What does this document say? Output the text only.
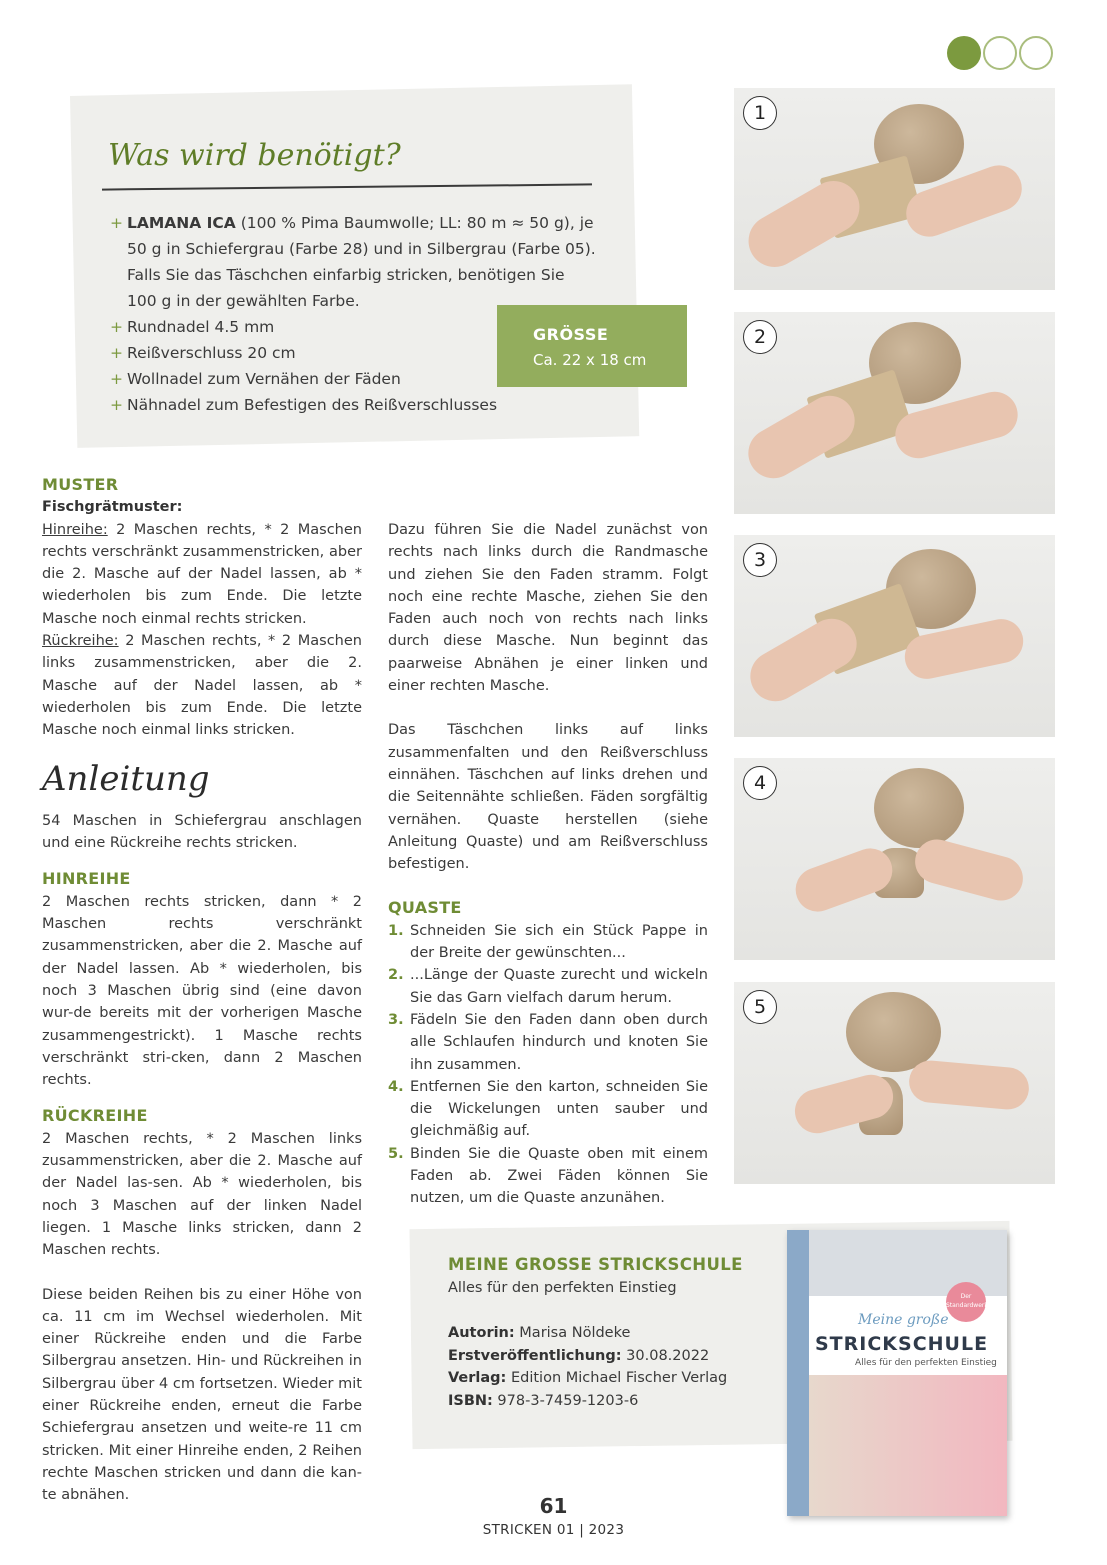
Was wird benötigt?
+ LAMANA ICA (100 % Pima Baumwolle; LL: 80 m ≈ 50 g), je 50 g in Schiefergrau (Farbe 28) und in Silbergrau (Farbe 05). Falls Sie das Täschchen einfarbig stricken, benötigen Sie 100 g in der gewählten Farbe.
+ Rundnadel 4.5 mm
+ Reißverschluss 20 cm
+ Wollnadel zum Vernähen der Fäden
+ Nähnadel zum Befestigen des Reißverschlusses
GRÖSSE
Ca. 22 x 18 cm
MUSTER
Fischgrätmuster:

Hinreihe: 2 Maschen rechts, * 2 Maschen rechts verschränkt zusammenstricken, aber die 2. Masche auf der Nadel lassen, ab * wiederholen bis zum Ende. Die letzte Masche noch einmal rechts stricken.

Rückreihe: 2 Maschen rechts, * 2 Maschen links zusammenstricken, aber die 2. Masche auf der Nadel lassen, ab * wiederholen bis zum Ende. Die letzte Masche noch einmal links stricken.

Anleitung

54 Maschen in Schiefergrau anschlagen und eine Rückreihe rechts stricken.

HINREIHE

2 Maschen rechts stricken, dann * 2 Maschen rechts verschränkt zusammenstricken, aber die 2. Masche auf der Nadel lassen. Ab * wiederholen, bis noch 3 Maschen übrig sind (eine davon wur-de bereits mit der vorherigen Masche zusammengestrickt). 1 Masche rechts verschränkt stri-cken, dann 2 Maschen rechts.

RÜCKREIHE

2 Maschen rechts, * 2 Maschen links zusammenstricken, aber die 2. Masche auf der Nadel las-sen. Ab * wiederholen, bis noch 3 Maschen auf der linken Nadel liegen. 1 Masche links stricken, dann 2 Maschen rechts.

Diese beiden Reihen bis zu einer Höhe von ca. 11 cm im Wechsel wiederholen. Mit einer Rückreihe enden und die Farbe Silbergrau ansetzen. Hin- und Rückreihen in Silbergrau über 4 cm fortsetzen. Wieder mit einer Rückreihe enden, erneut die Farbe Schiefergrau ansetzen und weite-re 11 cm stricken. Mit einer Hinreihe enden, 2 Reihen rechte Maschen stricken und dann die kan-te abnähen.

Dazu führen Sie die Nadel zunächst von rechts nach links durch die Randmasche und ziehen Sie den Faden stramm. Folgt noch eine rechte Masche, ziehen Sie den Faden auch noch von rechts nach links durch diese Masche. Nun beginnt das paarweise Abnähen je einer linken und einer rechten Masche.

Das Täschchen links auf links zusammenfalten und den Reißverschluss einnähen. Täschchen auf links drehen und die Seitennähte schließen. Fäden sorgfältig vernähen. Quaste herstellen (siehe Anleitung Quaste) und am Reißverschluss befestigen.

QUASTE
1. Schneiden Sie sich ein Stück Pappe in der Breite der gewünschten...
2. ...Länge der Quaste zurecht und wickeln Sie das Garn vielfach darum herum.
3. Fädeln Sie den Faden dann oben durch alle Schlaufen hindurch und knoten Sie ihn zusammen.
4. Entfernen Sie den karton, schneiden Sie die Wickelungen unten sauber und gleichmäßig auf.
5. Binden Sie die Quaste oben mit einem Faden ab. Zwei Fäden können Sie nutzen, um die Quaste anzunähen.
1
2
3
4
5
MEINE GROSSE STRICKSCHULE
Alles für den perfekten Einstieg
Autorin: Marisa Nöldeke
Erstveröffentlichung: 30.08.2022
Verlag: Edition Michael Fischer Verlag
ISBN: 978-3-7459-1203-6
Meine große
STRICKSCHULE
Alles für den perfekten Einstieg
Der Standardwerk
61
STRICKEN 01 | 2023
